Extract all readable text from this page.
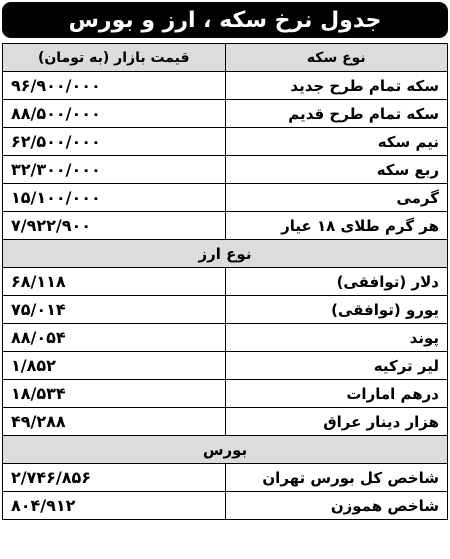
جدول نرخ سکه ، ارز و بورس
نوع سکه	قیمت بازار (به تومان)
سکه تمام طرح جدید	۹۶/۹۰۰/۰۰۰
سکه تمام طرح قدیم	۸۸/۵۰۰/۰۰۰
نیم سکه	۶۲/۵۰۰/۰۰۰
ربع سکه	۳۲/۳۰۰/۰۰۰
گرمی	۱۵/۱۰۰/۰۰۰
هر گرم طلای ۱۸ عیار	۷/۹۲۲/۹۰۰
نوع ارز	
دلار (توافقی)	۶۸/۱۱۸
یورو (توافقی)	۷۵/۰۱۴
پوند	۸۸/۰۵۴
لیر ترکیه	۱/۸۵۲
درهم امارات	۱۸/۵۳۴
هزار دینار عراق	۴۹/۲۸۸
بورس	
شاخص کل بورس تهران	۲/۷۴۶/۸۵۶
شاخص هموزن	۸۰۴/۹۱۲
